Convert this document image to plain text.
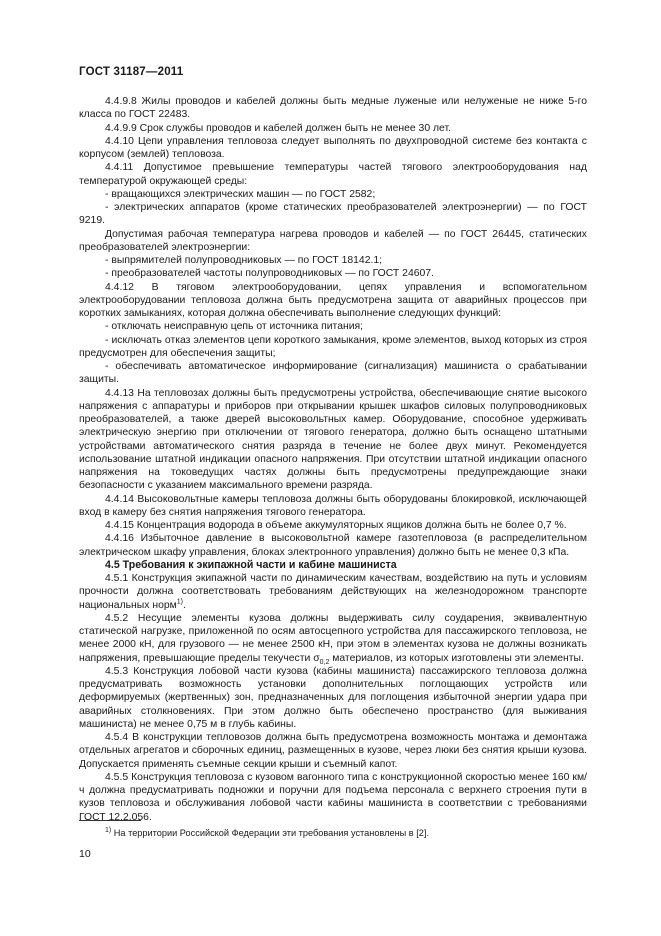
ГОСТ 31187—2011

4.4.9.8 Жилы проводов и кабелей должны быть медные луженые или нелуженые не ниже 5-го класса по ГОСТ 22483.

4.4.9.9 Срок службы проводов и кабелей должен быть не менее 30 лет.

4.4.10 Цепи управления тепловоза следует выполнять по двухпроводной системе без контакта с корпусом (землей) тепловоза.

4.4.11 Допустимое превышение температуры частей тягового электрооборудования над температурой окружающей среды:

- вращающихся электрических машин — по ГОСТ 2582;

- электрических аппаратов (кроме статических преобразователей электроэнергии) — по ГОСТ 9219.

Допустимая рабочая температура нагрева проводов и кабелей — по ГОСТ 26445, статических преобразователей электроэнергии:

- выпрямителей полупроводниковых — по ГОСТ 18142.1;

- преобразователей частоты полупроводниковых — по ГОСТ 24607.

4.4.12 В тяговом электрооборудовании, цепях управления и вспомогательном электрооборудовании тепловоза должна быть предусмотрена защита от аварийных процессов при коротких замыканиях, которая должна обеспечивать выполнение следующих функций:

- отключать неисправную цепь от источника питания;

- исключать отказ элементов цепи короткого замыкания, кроме элементов, выход которых из строя предусмотрен для обеспечения защиты;

- обеспечивать автоматическое информирование (сигнализация) машиниста о срабатывании защиты.

4.4.13 На тепловозах должны быть предусмотрены устройства, обеспечивающие снятие высокого напряжения с аппаратуры и приборов при открывании крышек шкафов силовых полупроводниковых преобразователей, а также дверей высоковольтных камер. Оборудование, способное удерживать электрическую энергию при отключении от тягового генератора, должно быть оснащено штатными устройствами автоматического снятия разряда в течение не более двух минут. Рекомендуется использование штатной индикации опасного напряжения. При отсутствии штатной индикации опасного напряжения на токоведущих частях должны быть предусмотрены предупреждающие знаки безопасности с указанием максимального времени разряда.

4.4.14 Высоковольтные камеры тепловоза должны быть оборудованы блокировкой, исключающей вход в камеру без снятия напряжения тягового генератора.

4.4.15 Концентрация водорода в объеме аккумуляторных ящиков должна быть не более 0,7 %.

4.4.16 Избыточное давление в высоковольтной камере газотепловоза (в распределительном электрическом шкафу управления, блоках электронного управления) должно быть не менее 0,3 кПа.

4.5 Требования к экипажной части и кабине машиниста

4.5.1 Конструкция экипажной части по динамическим качествам, воздействию на путь и условиям прочности должна соответствовать требованиям действующих на железнодорожном транспорте национальных норм$^{1)}$.

4.5.2 Несущие элементы кузова должны выдерживать силу соударения, эквивалентную статической нагрузке, приложенной по осям автосцепного устройства для пассажирского тепловоза, не менее 2000 кН, для грузового — не менее 2500 кН, при этом в элементах кузова не должны возникать напряжения, превышающие пределы текучести $\sigma_{0,2}$ материалов, из которых изготовлены эти элементы.

4.5.3 Конструкция лобовой части кузова (кабины машиниста) пассажирского тепловоза должна предусматривать возможность установки дополнительных поглощающих устройств или деформируемых (жертвенных) зон, предназначенных для поглощения избыточной энергии удара при аварийных столкновениях. При этом должно быть обеспечено пространство (для выживания машиниста) не менее 0,75 м в глубь кабины.

4.5.4 В конструкции тепловозов должна быть предусмотрена возможность монтажа и демонтажа отдельных агрегатов и сборочных единиц, размещенных в кузове, через люки без снятия крыши кузова. Допускается применять съемные секции крыши и съемный капот.

4.5.5 Конструкция тепловоза с кузовом вагонного типа с конструкционной скоростью менее 160 км/ч должна предусматривать подножки и поручни для подъема персонала с верхнего строения пути в кузов тепловоза и обслуживания лобовой части кабины машиниста в соответствии с требованиями ГОСТ 12.2.056.

$^{1)}$ На территории Российской Федерации эти требования установлены в [2].
10
